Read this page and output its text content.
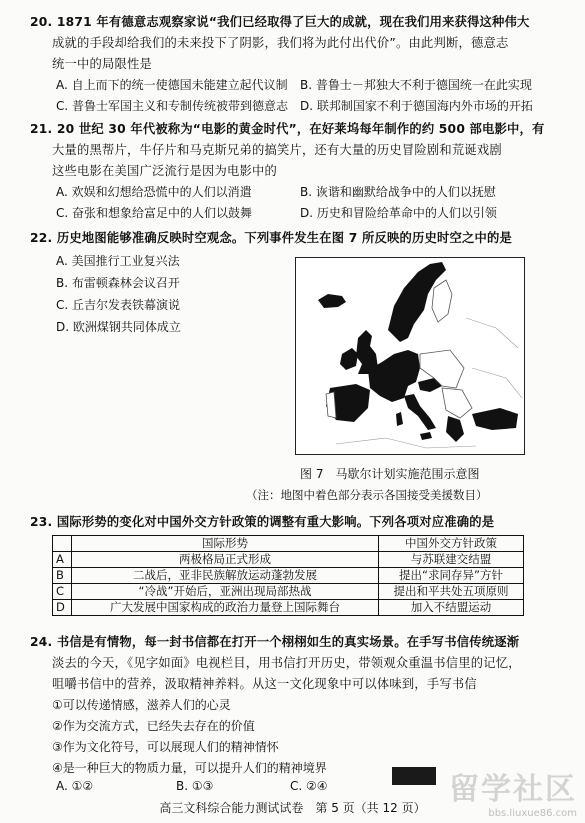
20. 1871 年有德意志观察家说“我们已经取得了巨大的成就，现在我们用来获得这种伟大
成就的手段却给我们的未来投下了阴影，我们将为此付出代价”。由此判断，德意志
统一中的局限性是
A. 自上而下的统一使德国未能建立起代议制 B. 普鲁士－邦独大不利于德国统一在此实现
C. 普鲁士军国主义和专制传统被带到德意志 D. 联邦制国家不利于德国海内外市场的开拓
21. 20 世纪 30 年代被称为“电影的黄金时代”，在好莱坞每年制作的约 500 部电影中，有
大量的黑帮片，牛仔片和马克斯兄弟的搞笑片，还有大量的历史冒险剧和荒诞戏剧
这些电影在美国广泛流行是因为电影中的
A. 欢娱和幻想给恐慌中的人们以消遣	B. 诙谐和幽默给战争中的人们以抚慰
C. 奋张和想象给富足中的人们以鼓舞	D. 历史和冒险给革命中的人们以引领
22. 历史地图能够准确反映时空观念。下列事件发生在图 7 所反映的历史时空之中的是
A. 美国推行工业复兴法
B. 布雷顿森林会议召开
C. 丘吉尔发表铁幕演说
D. 欧洲煤钢共同体成立
图 7　马歇尔计划实施范围示意图
（注：地图中着色部分表示各国接受美援数目）
23. 国际形势的变化对中国外交方针政策的调整有重大影响。下列各项对应准确的是
	国际形势	中国外交方针政策
A	两极格局正式形成	与苏联建交结盟
B	二战后，亚非民族解放运动蓬勃发展	提出“求同存异”方针
C	“冷战”开始后，亚洲出现局部热战	提出和平共处五项原则
D	广大发展中国家构成的政治力量登上国际舞台	加入不结盟运动
24. 书信是有情物，每一封书信都在打开一个栩栩如生的真实场景。在手写书信传统逐渐
淡去的今天，《见字如面》电视栏目，用书信打开历史，带领观众重温书信里的记忆，
咀嚼书信中的营养，汲取精神养料。从这一文化现象中可以体味到，手写书信
①可以传递情感，滋养人们的心灵
②作为交流方式，已经失去存在的价值
③作为文化符号，可以展现人们的精神情怀
④是一种巨大的物质力量，可以提升人们的精神境界
A. ①②	B. ①③	C. ②④
高三文科综合能力测试试卷　第 5 页（共 12 页）
留学社区
bbs.liuxue86.com
